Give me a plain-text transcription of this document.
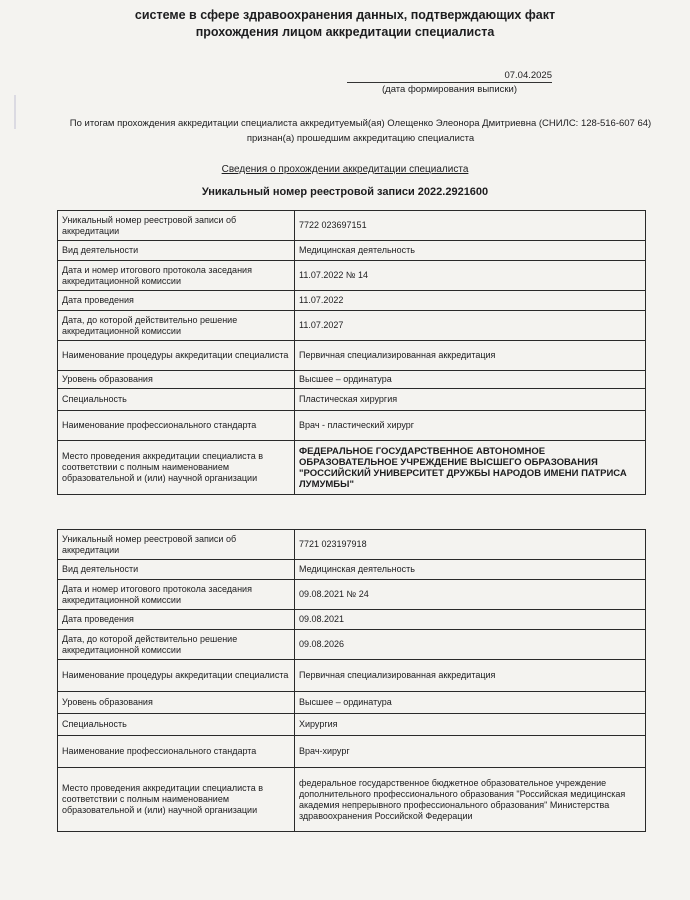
системе в сфере здравоохранения данных, подтверждающих факт
прохождения лицом аккредитации специалиста
07.04.2025
(дата формирования выписки)
По итогам прохождения аккредитации специалиста аккредитуемый(ая) Олещенко Элеонора Дмитриевна (СНИЛС: 128-516-607 64) признан(а) прошедшим аккредитацию специалиста
Сведения о прохождении аккредитации специалиста
Уникальный номер реестровой записи 2022.2921600
Уникальный номер реестровой записи об аккредитации	7722 023697151
Вид деятельности	Медицинская деятельность
Дата и номер итогового протокола заседания аккредитационной комиссии	11.07.2022 № 14
Дата проведения	11.07.2022
Дата, до которой действительно решение аккредитационной комиссии	11.07.2027
Наименование процедуры аккредитации специалиста	Первичная специализированная аккредитация
Уровень образования	Высшее – ординатура
Специальность	Пластическая хирургия
Наименование профессионального стандарта	Врач - пластический хирург
Место проведения аккредитации специалиста в соответствии с полным наименованием образовательной и (или) научной организации	ФЕДЕРАЛЬНОЕ ГОСУДАРСТВЕННОЕ АВТОНОМНОЕ ОБРАЗОВАТЕЛЬНОЕ УЧРЕЖДЕНИЕ ВЫСШЕГО ОБРАЗОВАНИЯ "РОССИЙСКИЙ УНИВЕРСИТЕТ ДРУЖБЫ НАРОДОВ ИМЕНИ ПАТРИСА ЛУМУМБЫ"
Уникальный номер реестровой записи об аккредитации	7721 023197918
Вид деятельности	Медицинская деятельность
Дата и номер итогового протокола заседания аккредитационной комиссии	09.08.2021 № 24
Дата проведения	09.08.2021
Дата, до которой действительно решение аккредитационной комиссии	09.08.2026
Наименование процедуры аккредитации специалиста	Первичная специализированная аккредитация
Уровень образования	Высшее – ординатура
Специальность	Хирургия
Наименование профессионального стандарта	Врач-хирург
Место проведения аккредитации специалиста в соответствии с полным наименованием образовательной и (или) научной организации	федеральное государственное бюджетное образовательное учреждение дополнительного профессионального образования "Российская медицинская академия непрерывного профессионального образования" Министерства здравоохранения Российской Федерации
